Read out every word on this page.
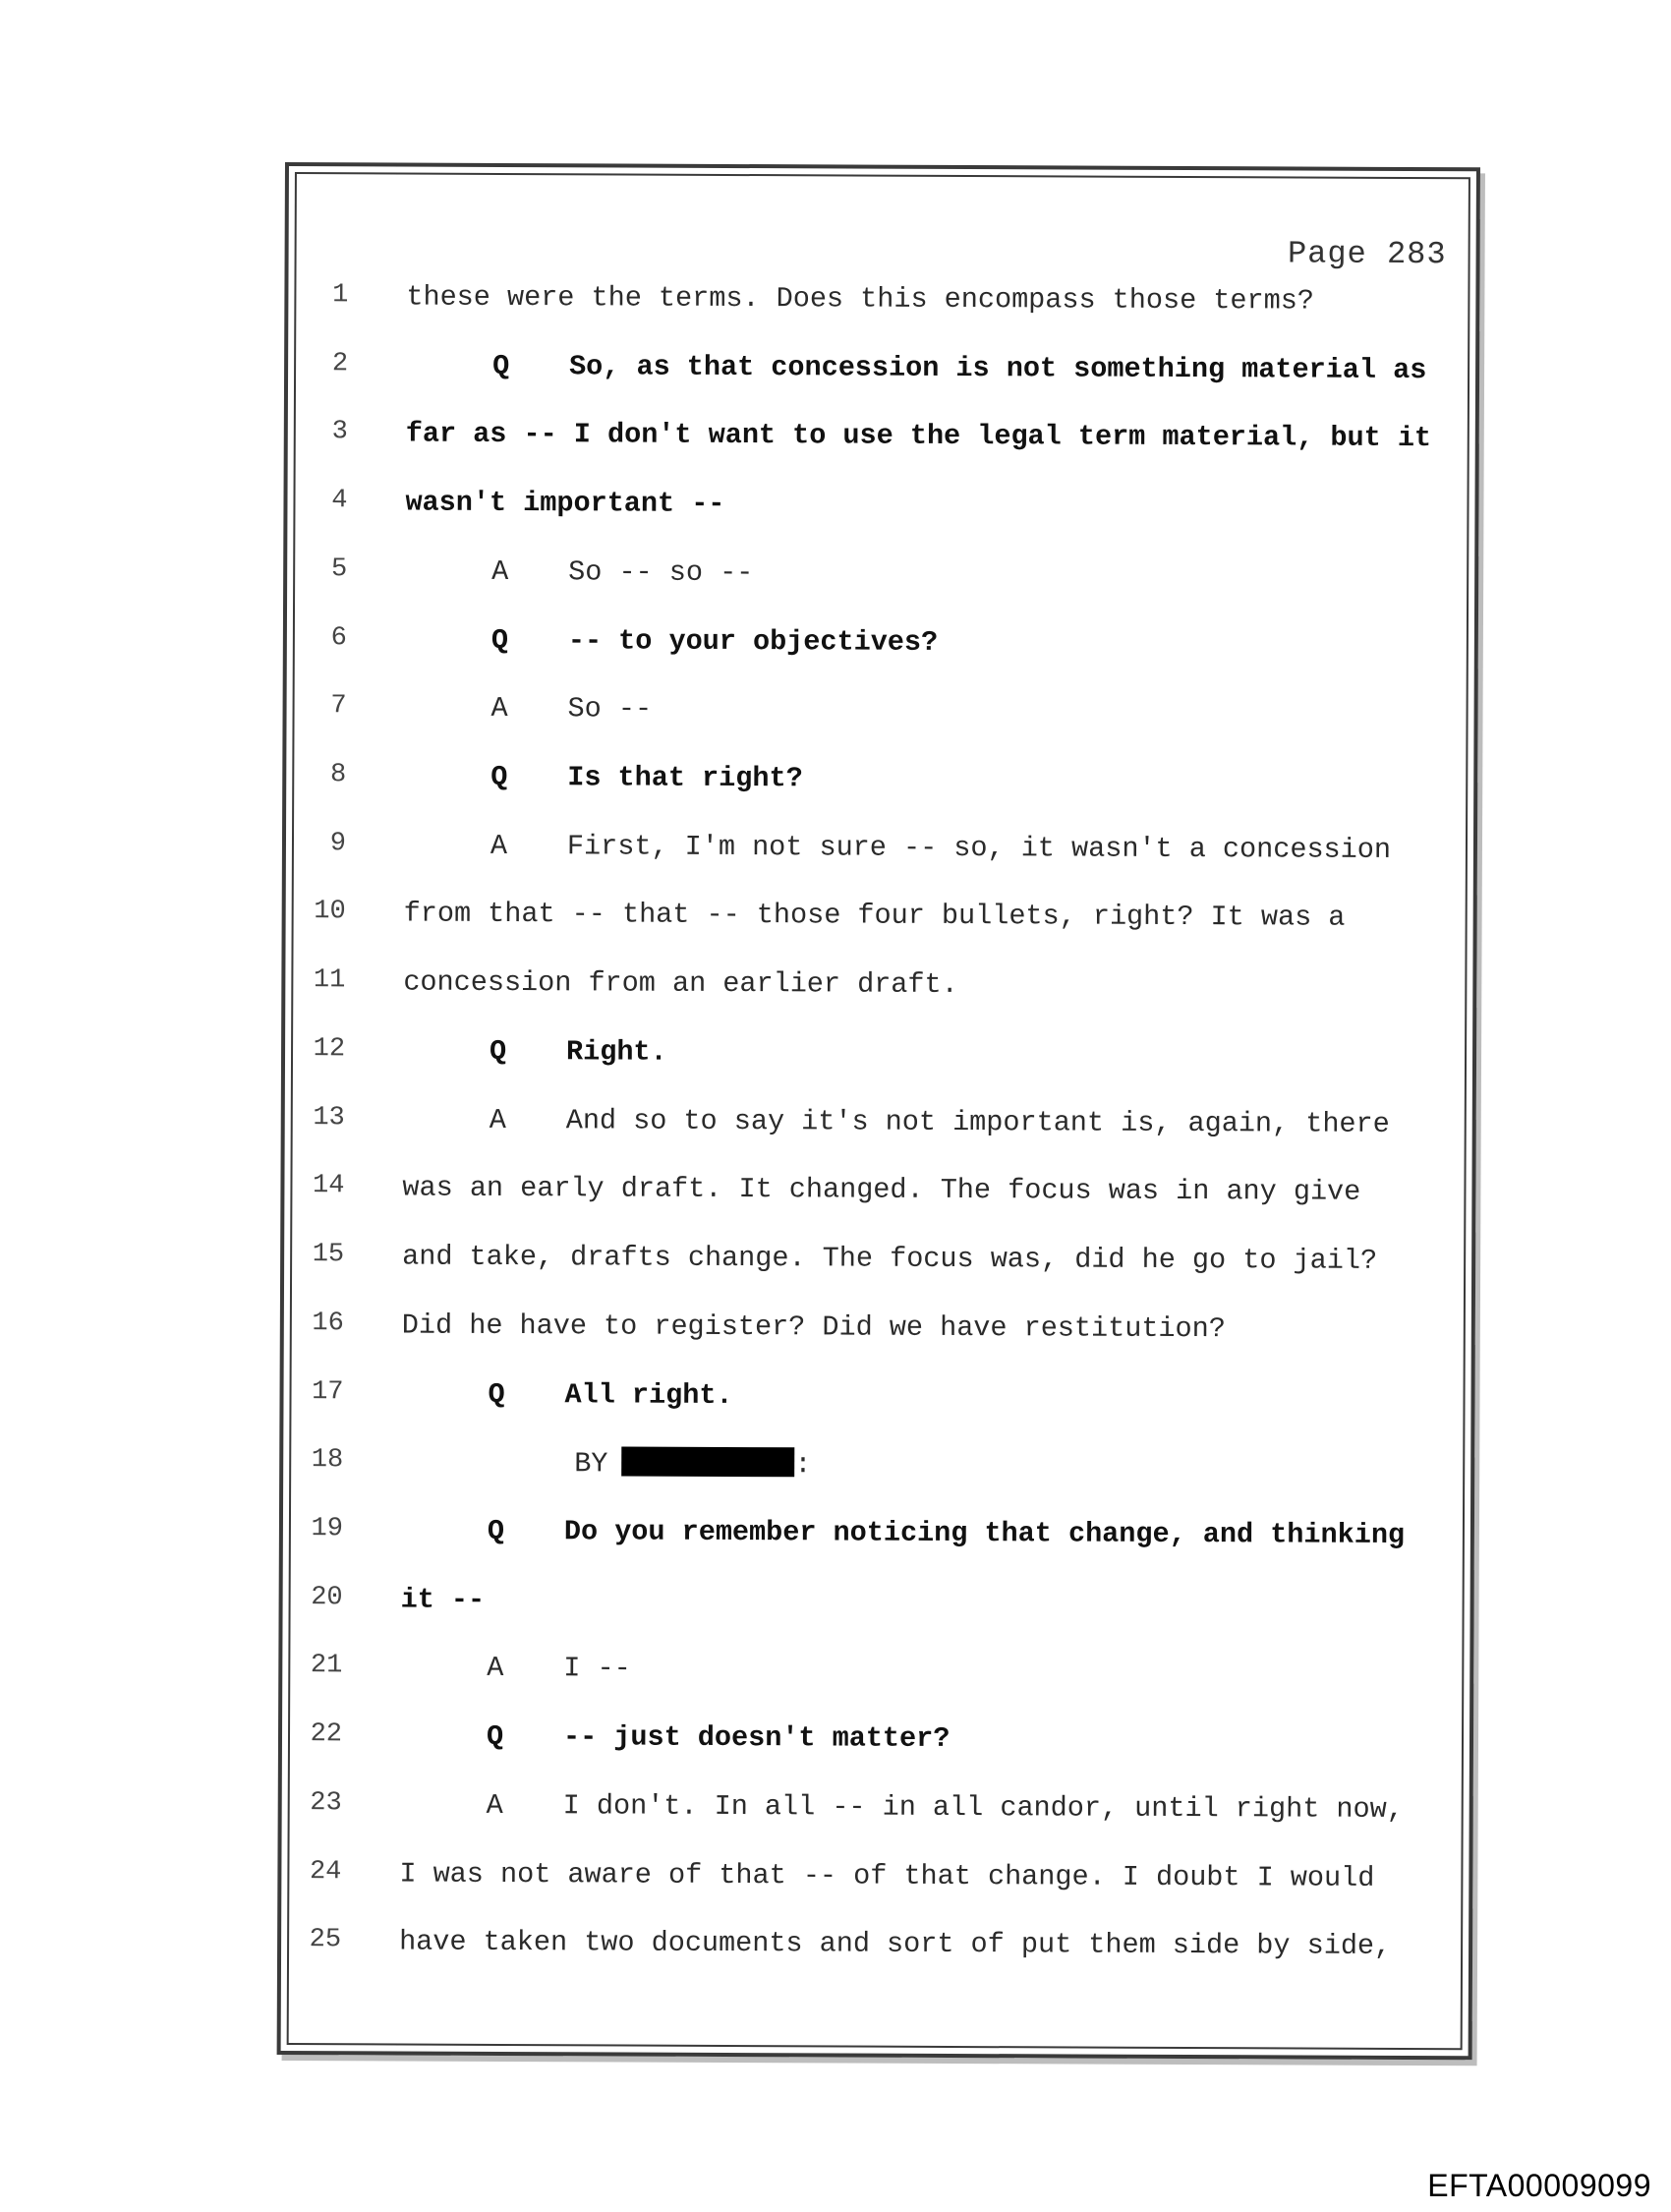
Page 283
1 these were the terms. Does this encompass those terms?
2	Q So, as that concession is not something material as
3 far as -- I don't want to use the legal term material, but it
4 wasn't important --
5	A So -- so --
6	Q -- to your objectives?
7	A So --
8	Q Is that right?
9	A First, I'm not sure -- so, it wasn't a concession
10 from that -- that -- those four bullets, right? It was a
11 concession from an earlier draft.
12	Q Right.
13	A And so to say it's not important is, again, there
14 was an early draft. It changed. The focus was in any give
15 and take, drafts change. The focus was, did he go to jail?
16 Did he have to register? Did we have restitution?
17	Q All right.
18	BY	:
19	Q Do you remember noticing that change, and thinking
20 it --
21	A I --
22	Q -- just doesn't matter?
23	A I don't. In all -- in all candor, until right now,
24 I was not aware of that -- of that change. I doubt I would
25 have taken two documents and sort of put them side by side,
EFTA00009099
